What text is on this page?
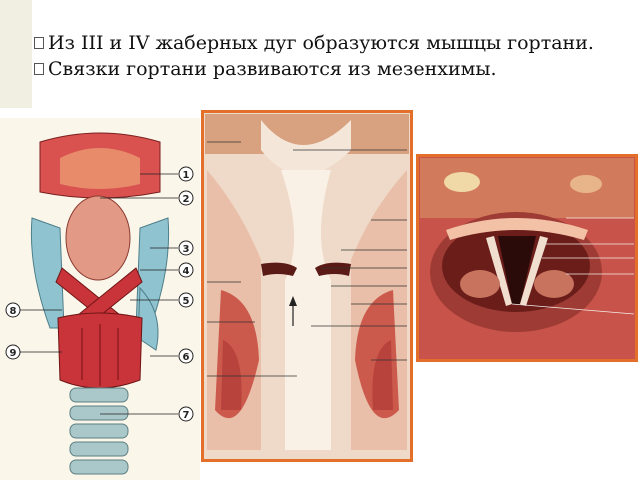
Из III и IV жаберных дуг образуются мышцы гортани.
Связки гортани развиваются из мезенхимы.
1
2
3
4
5
6
7
8
9
